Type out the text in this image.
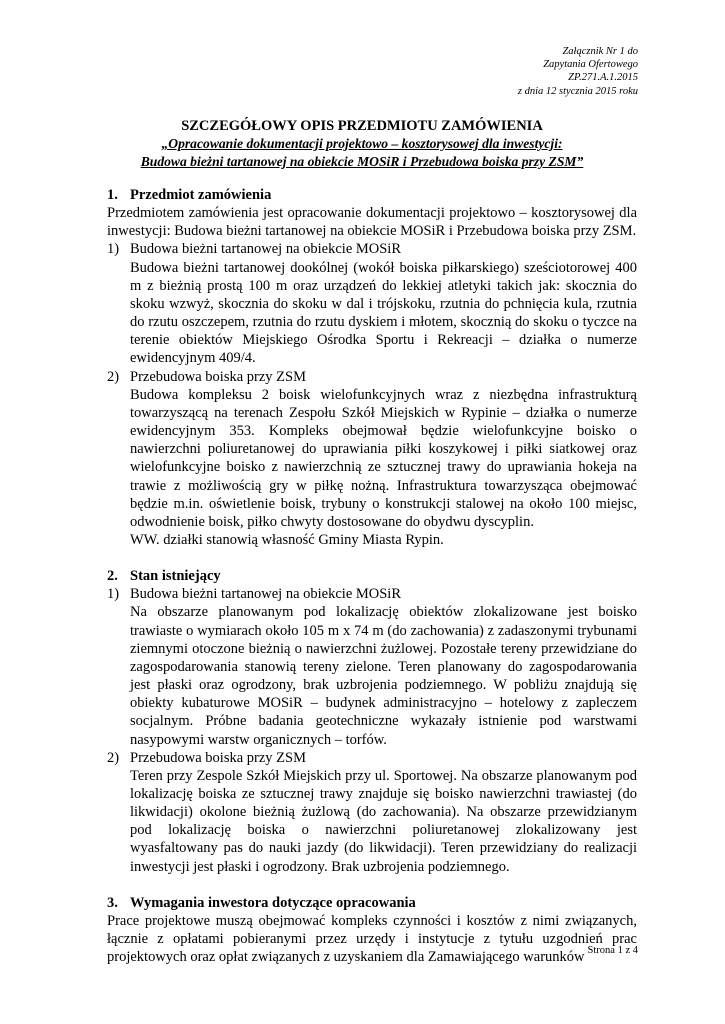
Załącznik Nr 1 do
Zapytania Ofertowego
ZP.271.A.1.2015
z dnia 12 stycznia 2015 roku
SZCZEGÓŁOWY OPIS PRZEDMIOTU ZAMÓWIENIA
„Opracowanie dokumentacji projektowo – kosztorysowej dla inwestycji:
Budowa bieżni tartanowej na obiekcie MOSiR i Przebudowa boiska przy ZSM”
1. Przedmiot zamówienia

Przedmiotem zamówienia jest opracowanie dokumentacji projektowo – kosztorysowej dla inwestycji: Budowa bieżni tartanowej na obiekcie MOSiR i Przebudowa boiska przy ZSM.

1) Budowa bieżni tartanowej na obiekcie MOSiR

Budowa bieżni tartanowej dookólnej (wokół boiska piłkarskiego) sześciotorowej 400 m z bieżnią prostą 100 m oraz urządzeń do lekkiej atletyki takich jak: skocznia do skoku wzwyż, skocznia do skoku w dal i trójskoku, rzutnia do pchnięcia kula, rzutnia do rzutu oszczepem, rzutnia do rzutu dyskiem i młotem, skocznią do skoku o tyczce na terenie obiektów Miejskiego Ośrodka Sportu i Rekreacji – działka o numerze ewidencyjnym 409/4.

2) Przebudowa boiska przy ZSM

Budowa kompleksu 2 boisk wielofunkcyjnych wraz z niezbędna infrastrukturą towarzyszącą na terenach Zespołu Szkół Miejskich w Rypinie – działka o numerze ewidencyjnym 353. Kompleks obejmował będzie wielofunkcyjne boisko o nawierzchni poliuretanowej do uprawiania piłki koszykowej i piłki siatkowej oraz wielofunkcyjne boisko z nawierzchnią ze sztucznej trawy do uprawiania hokeja na trawie z możliwością gry w piłkę nożną. Infrastruktura towarzysząca obejmować będzie m.in. oświetlenie boisk, trybuny o konstrukcji stalowej na około 100 miejsc, odwodnienie boisk, piłko chwyty dostosowane do obydwu dyscyplin.

WW. działki stanowią własność Gminy Miasta Rypin.

2. Stan istniejący
1) Budowa bieżni tartanowej na obiekcie MOSiR

Na obszarze planowanym pod lokalizację obiektów zlokalizowane jest boisko trawiaste o wymiarach około 105 m x 74 m (do zachowania) z zadaszonymi trybunami ziemnymi otoczone bieżnią o nawierzchni żużlowej. Pozostałe tereny przewidziane do zagospodarowania stanowią tereny zielone. Teren planowany do zagospodarowania jest płaski oraz ogrodzony, brak uzbrojenia podziemnego. W pobliżu znajdują się obiekty kubaturowe MOSiR – budynek administracyjno – hotelowy z zapleczem socjalnym. Próbne badania geotechniczne wykazały istnienie pod warstwami nasypowymi warstw organicznych – torfów.

2) Przebudowa boiska przy ZSM

Teren przy Zespole Szkół Miejskich przy ul. Sportowej. Na obszarze planowanym pod lokalizację boiska ze sztucznej trawy znajduje się boisko nawierzchni trawiastej (do likwidacji) okolone bieżnią żużlową (do zachowania). Na obszarze przewidzianym pod lokalizację boiska o nawierzchni poliuretanowej zlokalizowany jest wyasfaltowany pas do nauki jazdy (do likwidacji). Teren przewidziany do realizacji inwestycji jest płaski i ogrodzony. Brak uzbrojenia podziemnego.

3. Wymagania inwestora dotyczące opracowania

Prace projektowe muszą obejmować kompleks czynności i kosztów z nimi związanych, łącznie z opłatami pobieranymi przez urzędy i instytucje z tytułu uzgodnień prac projektowych oraz opłat związanych z uzyskaniem dla Zamawiającego warunków Strona 1 z 4
